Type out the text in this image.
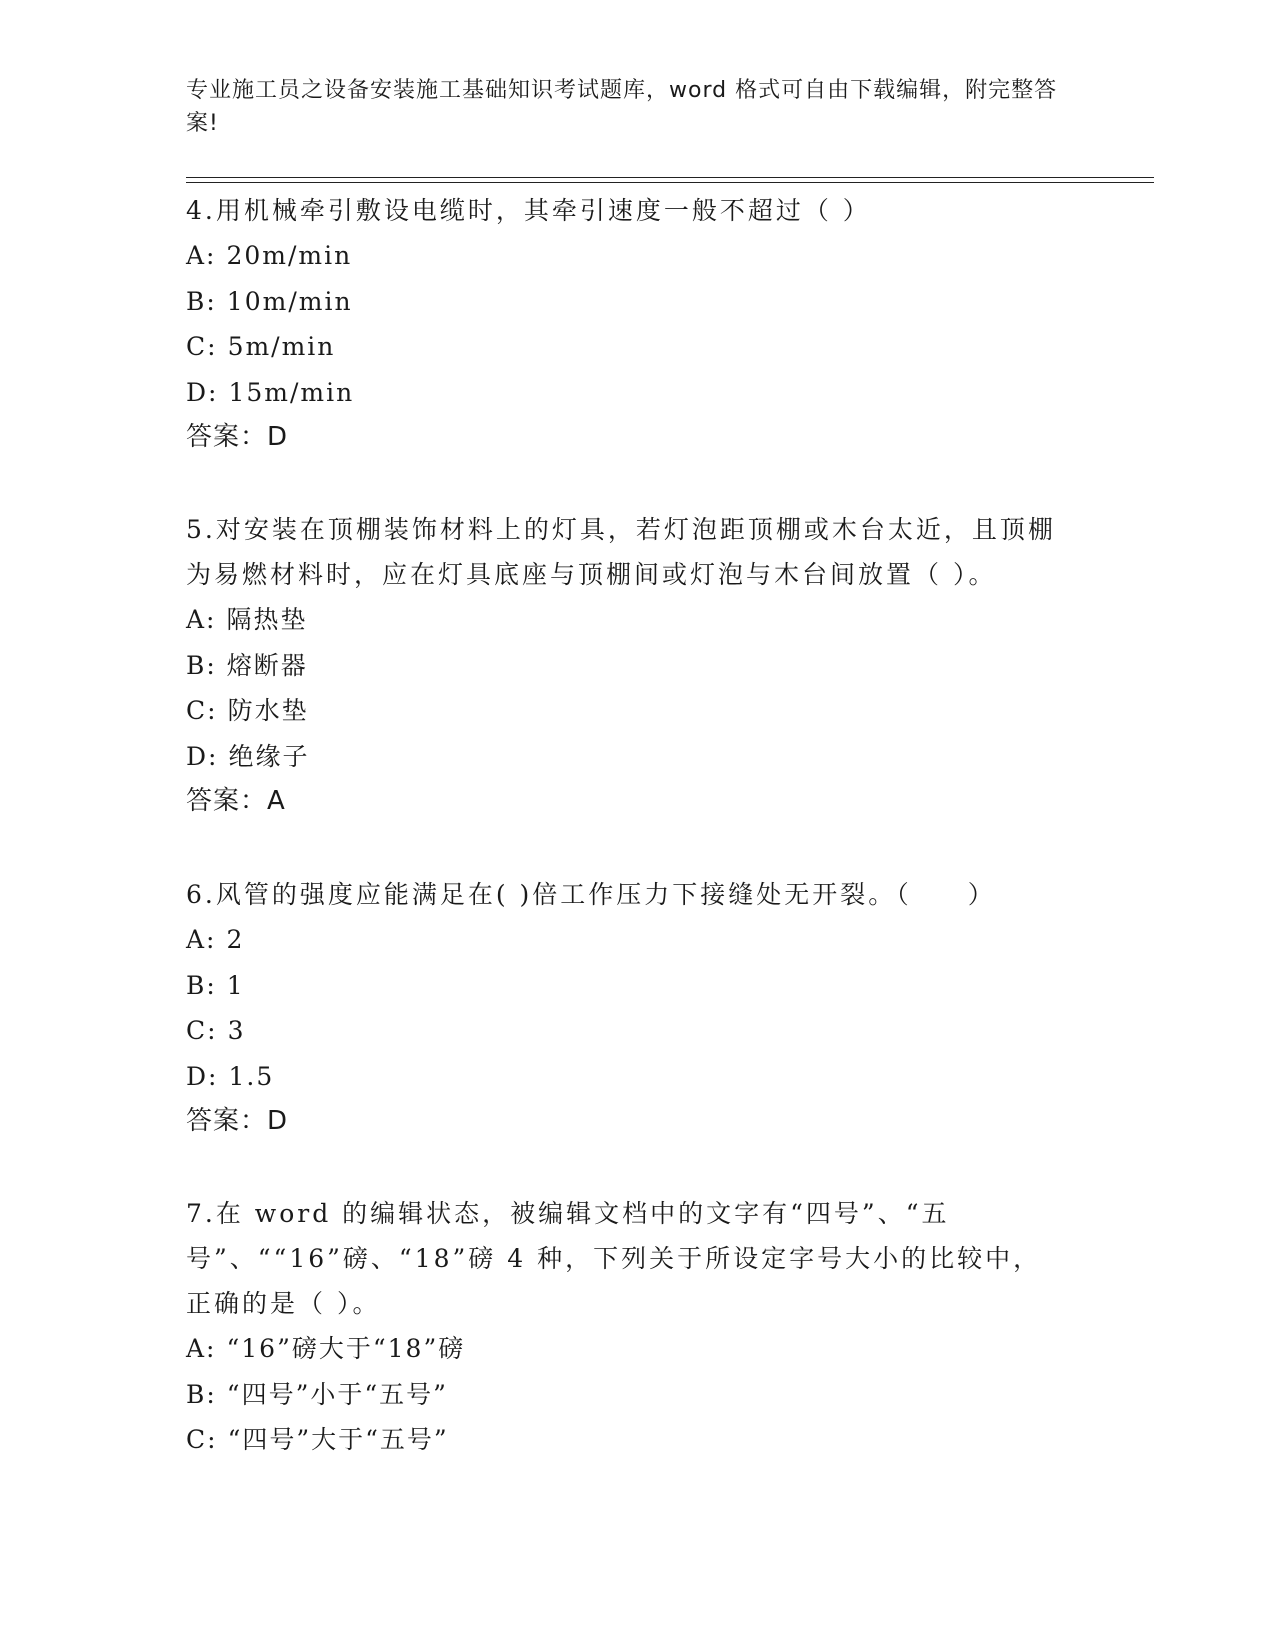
专业施工员之设备安装施工基础知识考试题库，word 格式可自由下载编辑，附完整答案!

4.用机械牵引敷设电缆时，其牵引速度一般不超过（ ）

A: 20m/min
B: 10m/min
C: 5m/min
D: 15m/min
答案：D

5.对安装在顶棚装饰材料上的灯具，若灯泡距顶棚或木台太近，且顶棚为易燃材料时，应在灯具底座与顶棚间或灯泡与木台间放置（ ）。

A: 隔热垫
B: 熔断器
C: 防水垫
D: 绝缘子
答案：A

6.风管的强度应能满足在( )倍工作压力下接缝处无开裂。（　　）

A: 2
B: 1
C: 3
D: 1.5
答案：D

7.在 word 的编辑状态，被编辑文档中的文字有“四号”、“五号”、““16”磅、“18”磅 4 种，下列关于所设定字号大小的比较中，正确的是（ ）。

A: “16”磅大于“18”磅
B: “四号”小于“五号”
C: “四号”大于“五号”
